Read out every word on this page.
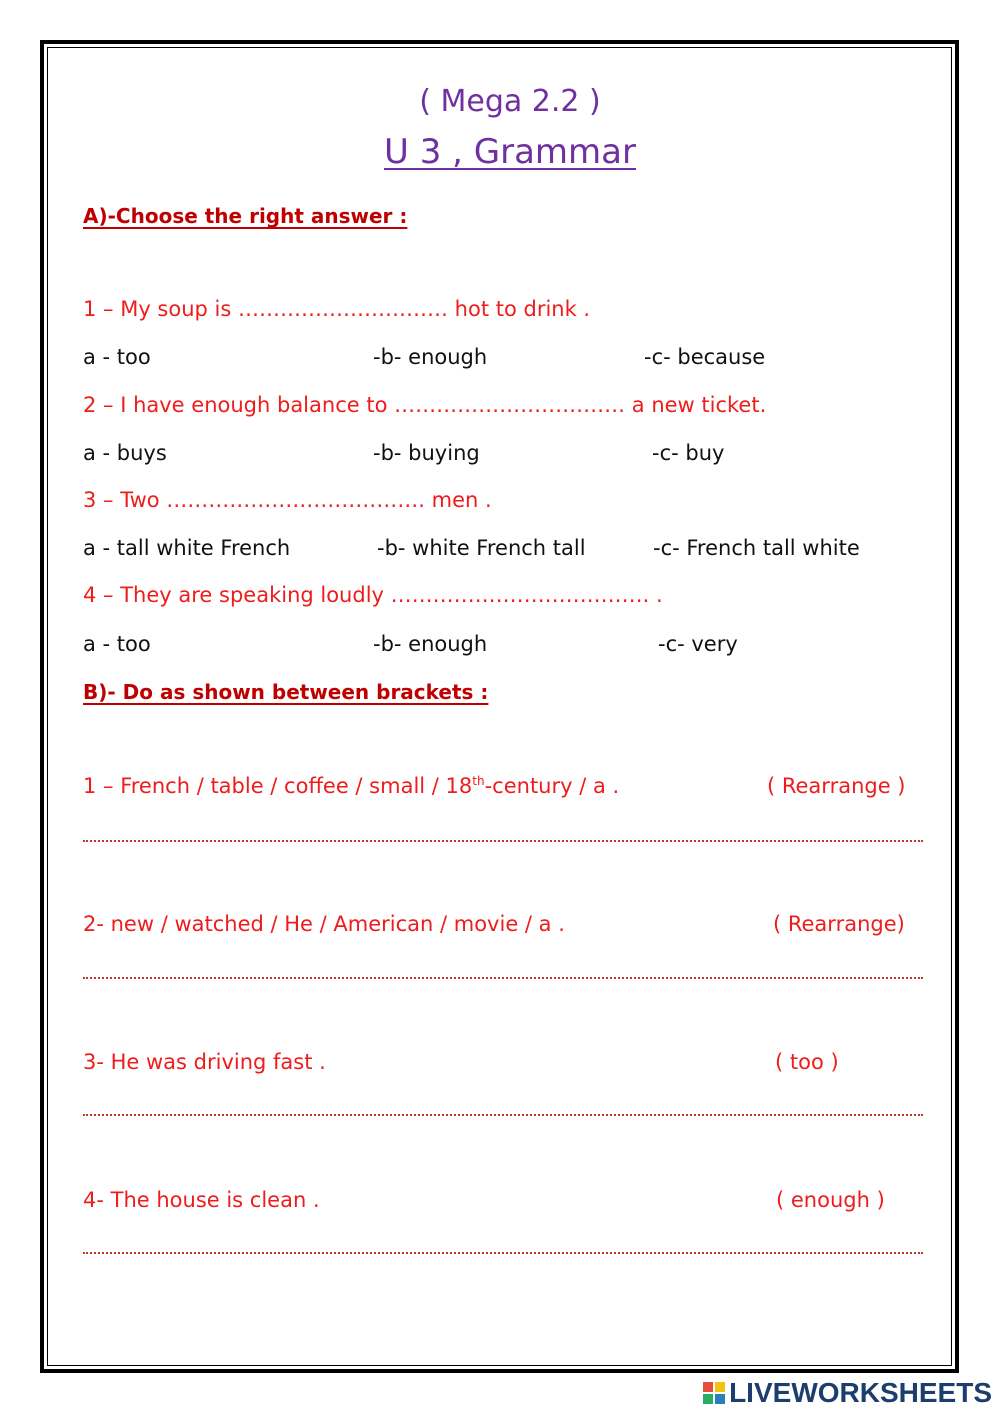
( Mega 2.2 )
U 3 , Grammar
A)-Choose the right answer :
1 – My soup is ………………………… hot to drink .
a - too	-b- enough	-c- because
2 – I have enough balance to …………………………… a new ticket.
a - buys	-b- buying	-c- buy
3 – Two ………………………………. men .
a - tall white French	-b- white French tall	-c- French tall white
4 – They are speaking loudly ………………………………. .
a - too	-b- enough	-c- very
B)- Do as shown between brackets :
1 – French / table / coffee / small / 18th-century / a .	( Rearrange )
2- new / watched / He / American / movie / a .	( Rearrange)
3- He was driving fast .	( too )
4- The house is clean .	( enough )
LIVEWORKSHEETS
